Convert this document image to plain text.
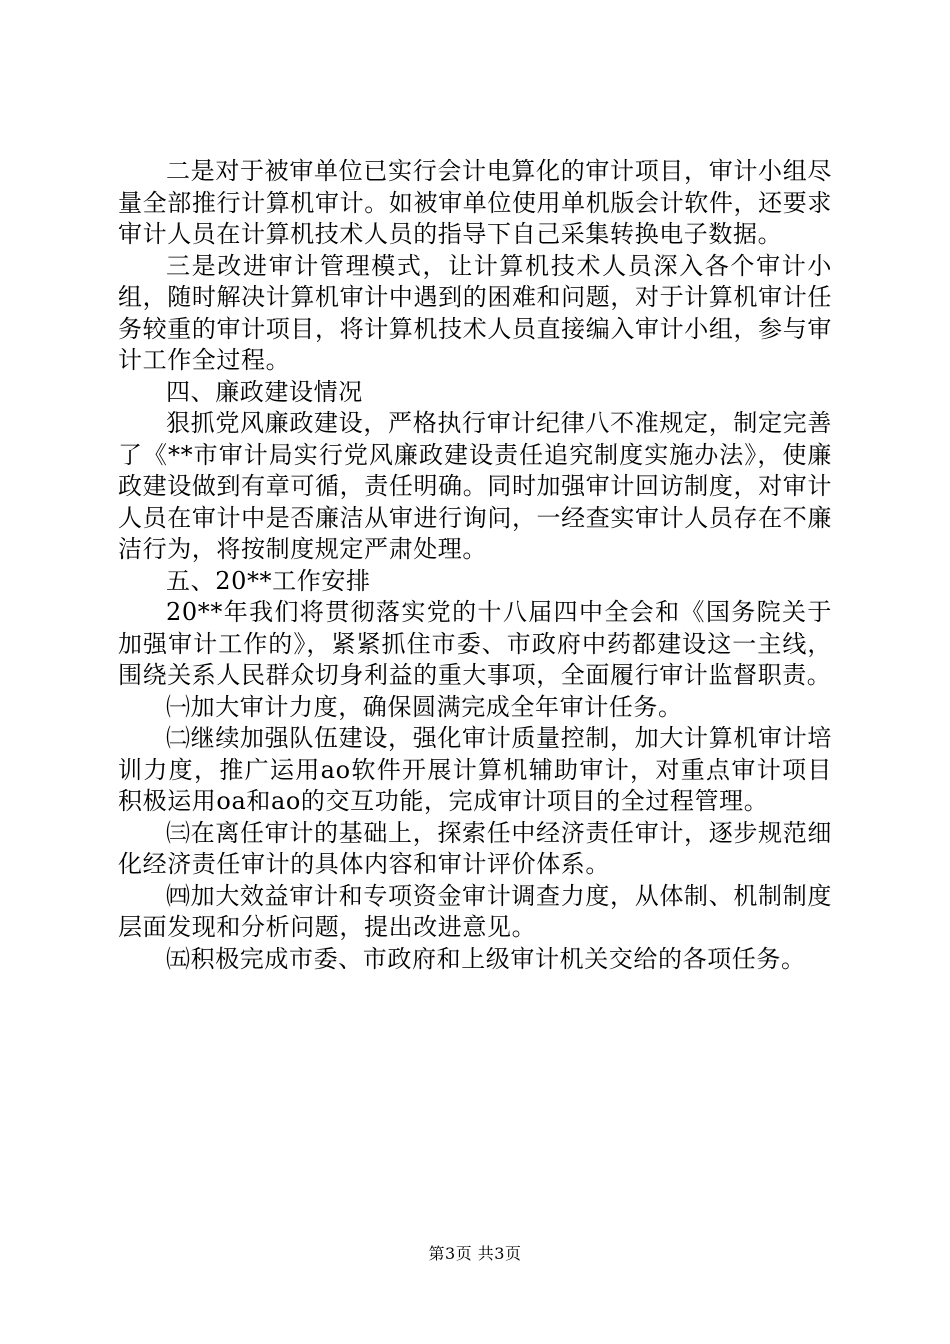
二是对于被审单位已实行会计电算化的审计项目，审计小组尽量全部推行计算机审计。如被审单位使用单机版会计软件，还要求审计人员在计算机技术人员的指导下自己采集转换电子数据。

三是改进审计管理模式，让计算机技术人员深入各个审计小组，随时解决计算机审计中遇到的困难和问题，对于计算机审计任务较重的审计项目，将计算机技术人员直接编入审计小组，参与审计工作全过程。

四、廉政建设情况

狠抓党风廉政建设，严格执行审计纪律八不准规定，制定完善了《**市审计局实行党风廉政建设责任追究制度实施办法》，使廉政建设做到有章可循，责任明确。同时加强审计回访制度，对审计人员在审计中是否廉洁从审进行询问，一经查实审计人员存在不廉洁行为，将按制度规定严肃处理。

五、20**工作安排

20**年我们将贯彻落实党的十八届四中全会和《国务院关于加强审计工作的》，紧紧抓住市委、市政府中药都建设这一主线，围绕关系人民群众切身利益的重大事项，全面履行审计监督职责。

㈠加大审计力度，确保圆满完成全年审计任务。

㈡继续加强队伍建设，强化审计质量控制，加大计算机审计培训力度，推广运用ao软件开展计算机辅助审计，对重点审计项目积极运用oa和ao的交互功能，完成审计项目的全过程管理。

㈢在离任审计的基础上，探索任中经济责任审计，逐步规范细化经济责任审计的具体内容和审计评价体系。

㈣加大效益审计和专项资金审计调查力度，从体制、机制制度层面发现和分析问题，提出改进意见。

㈤积极完成市委、市政府和上级审计机关交给的各项任务。

第3页 共3页
